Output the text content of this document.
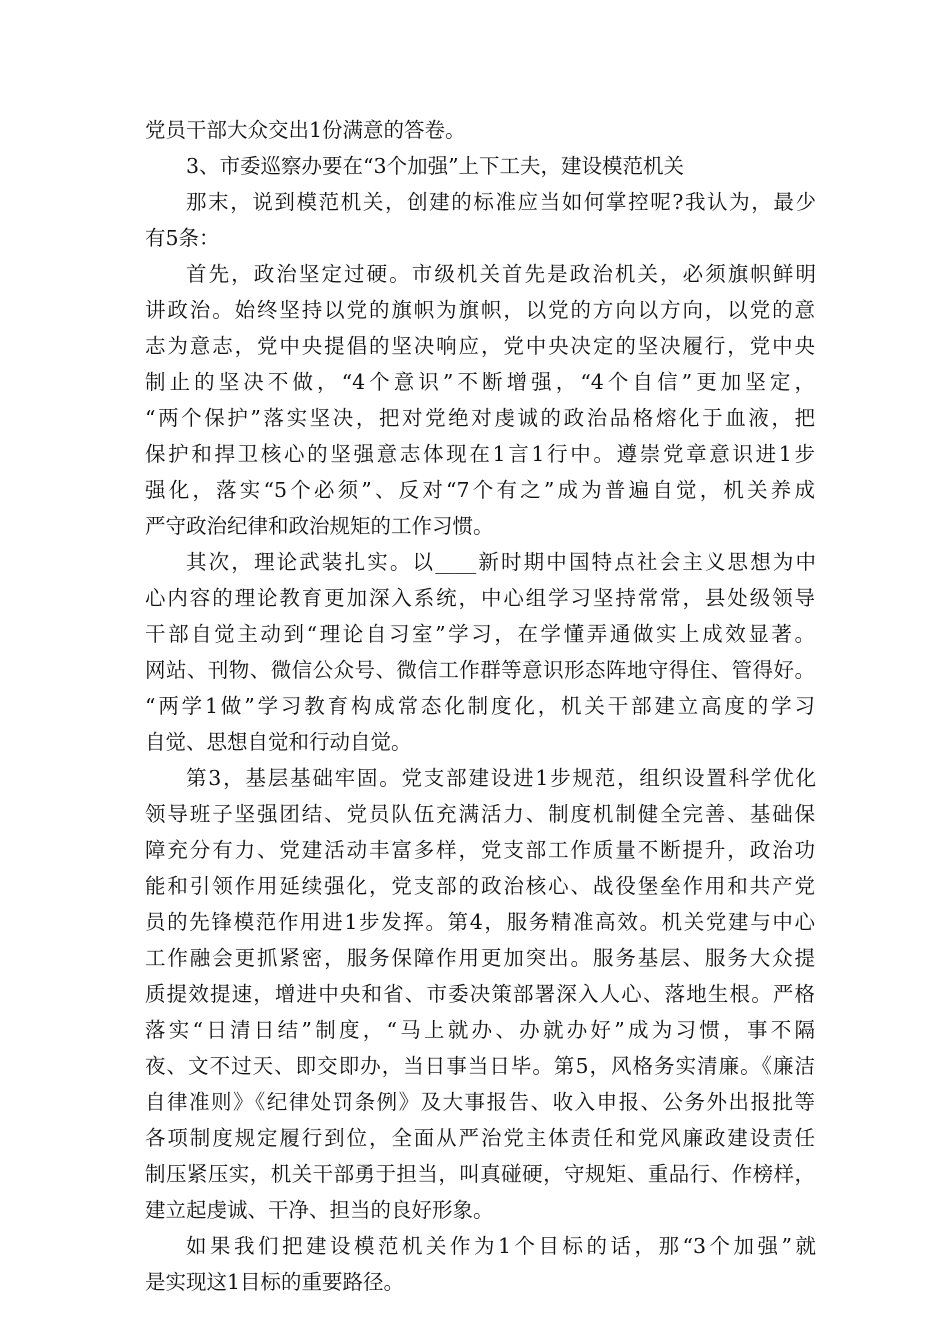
党员干部大众交出1份满意的答卷。
3、市委巡察办要在“3个加强”上下工夫，建设模范机关
那末，说到模范机关，创建的标准应当如何掌控呢?我认为，最少
有5条：
首先，政治坚定过硬。市级机关首先是政治机关，必须旗帜鲜明
讲政治。始终坚持以党的旗帜为旗帜，以党的方向以方向，以党的意
志为意志，党中央提倡的坚决响应，党中央决定的坚决履行，党中央
制止的坚决不做，“4个意识”不断增强，“4个自信”更加坚定，
“两个保护”落实坚决，把对党绝对虔诚的政治品格熔化于血液，把
保护和捍卫核心的坚强意志体现在1言1行中。遵崇党章意识进1步
强化，落实“5个必须”、反对“7个有之”成为普遍自觉，机关养成
严守政治纪律和政治规矩的工作习惯。
其次，理论武装扎实。以____新时期中国特点社会主义思想为中
心内容的理论教育更加深入系统，中心组学习坚持常常，县处级领导
干部自觉主动到“理论自习室”学习，在学懂弄通做实上成效显著。
网站、刊物、微信公众号、微信工作群等意识形态阵地守得住、管得好。
“两学1做”学习教育构成常态化制度化，机关干部建立高度的学习
自觉、思想自觉和行动自觉。
第3，基层基础牢固。党支部建设进1步规范，组织设置科学优化
领导班子坚强团结、党员队伍充满活力、制度机制健全完善、基础保
障充分有力、党建活动丰富多样，党支部工作质量不断提升，政治功
能和引领作用延续强化，党支部的政治核心、战役堡垒作用和共产党
员的先锋模范作用进1步发挥。第4，服务精准高效。机关党建与中心
工作融会更抓紧密，服务保障作用更加突出。服务基层、服务大众提
质提效提速，增进中央和省、市委决策部署深入人心、落地生根。严格
落实“日清日结”制度，“马上就办、办就办好”成为习惯，事不隔
夜、文不过天、即交即办，当日事当日毕。第5，风格务实清廉。《廉洁
自律准则》《纪律处罚条例》及大事报告、收入申报、公务外出报批等
各项制度规定履行到位，全面从严治党主体责任和党风廉政建设责任
制压紧压实，机关干部勇于担当，叫真碰硬，守规矩、重品行、作榜样，
建立起虔诚、干净、担当的良好形象。
如果我们把建设模范机关作为1个目标的话，那“3个加强”就
是实现这1目标的重要路径。
